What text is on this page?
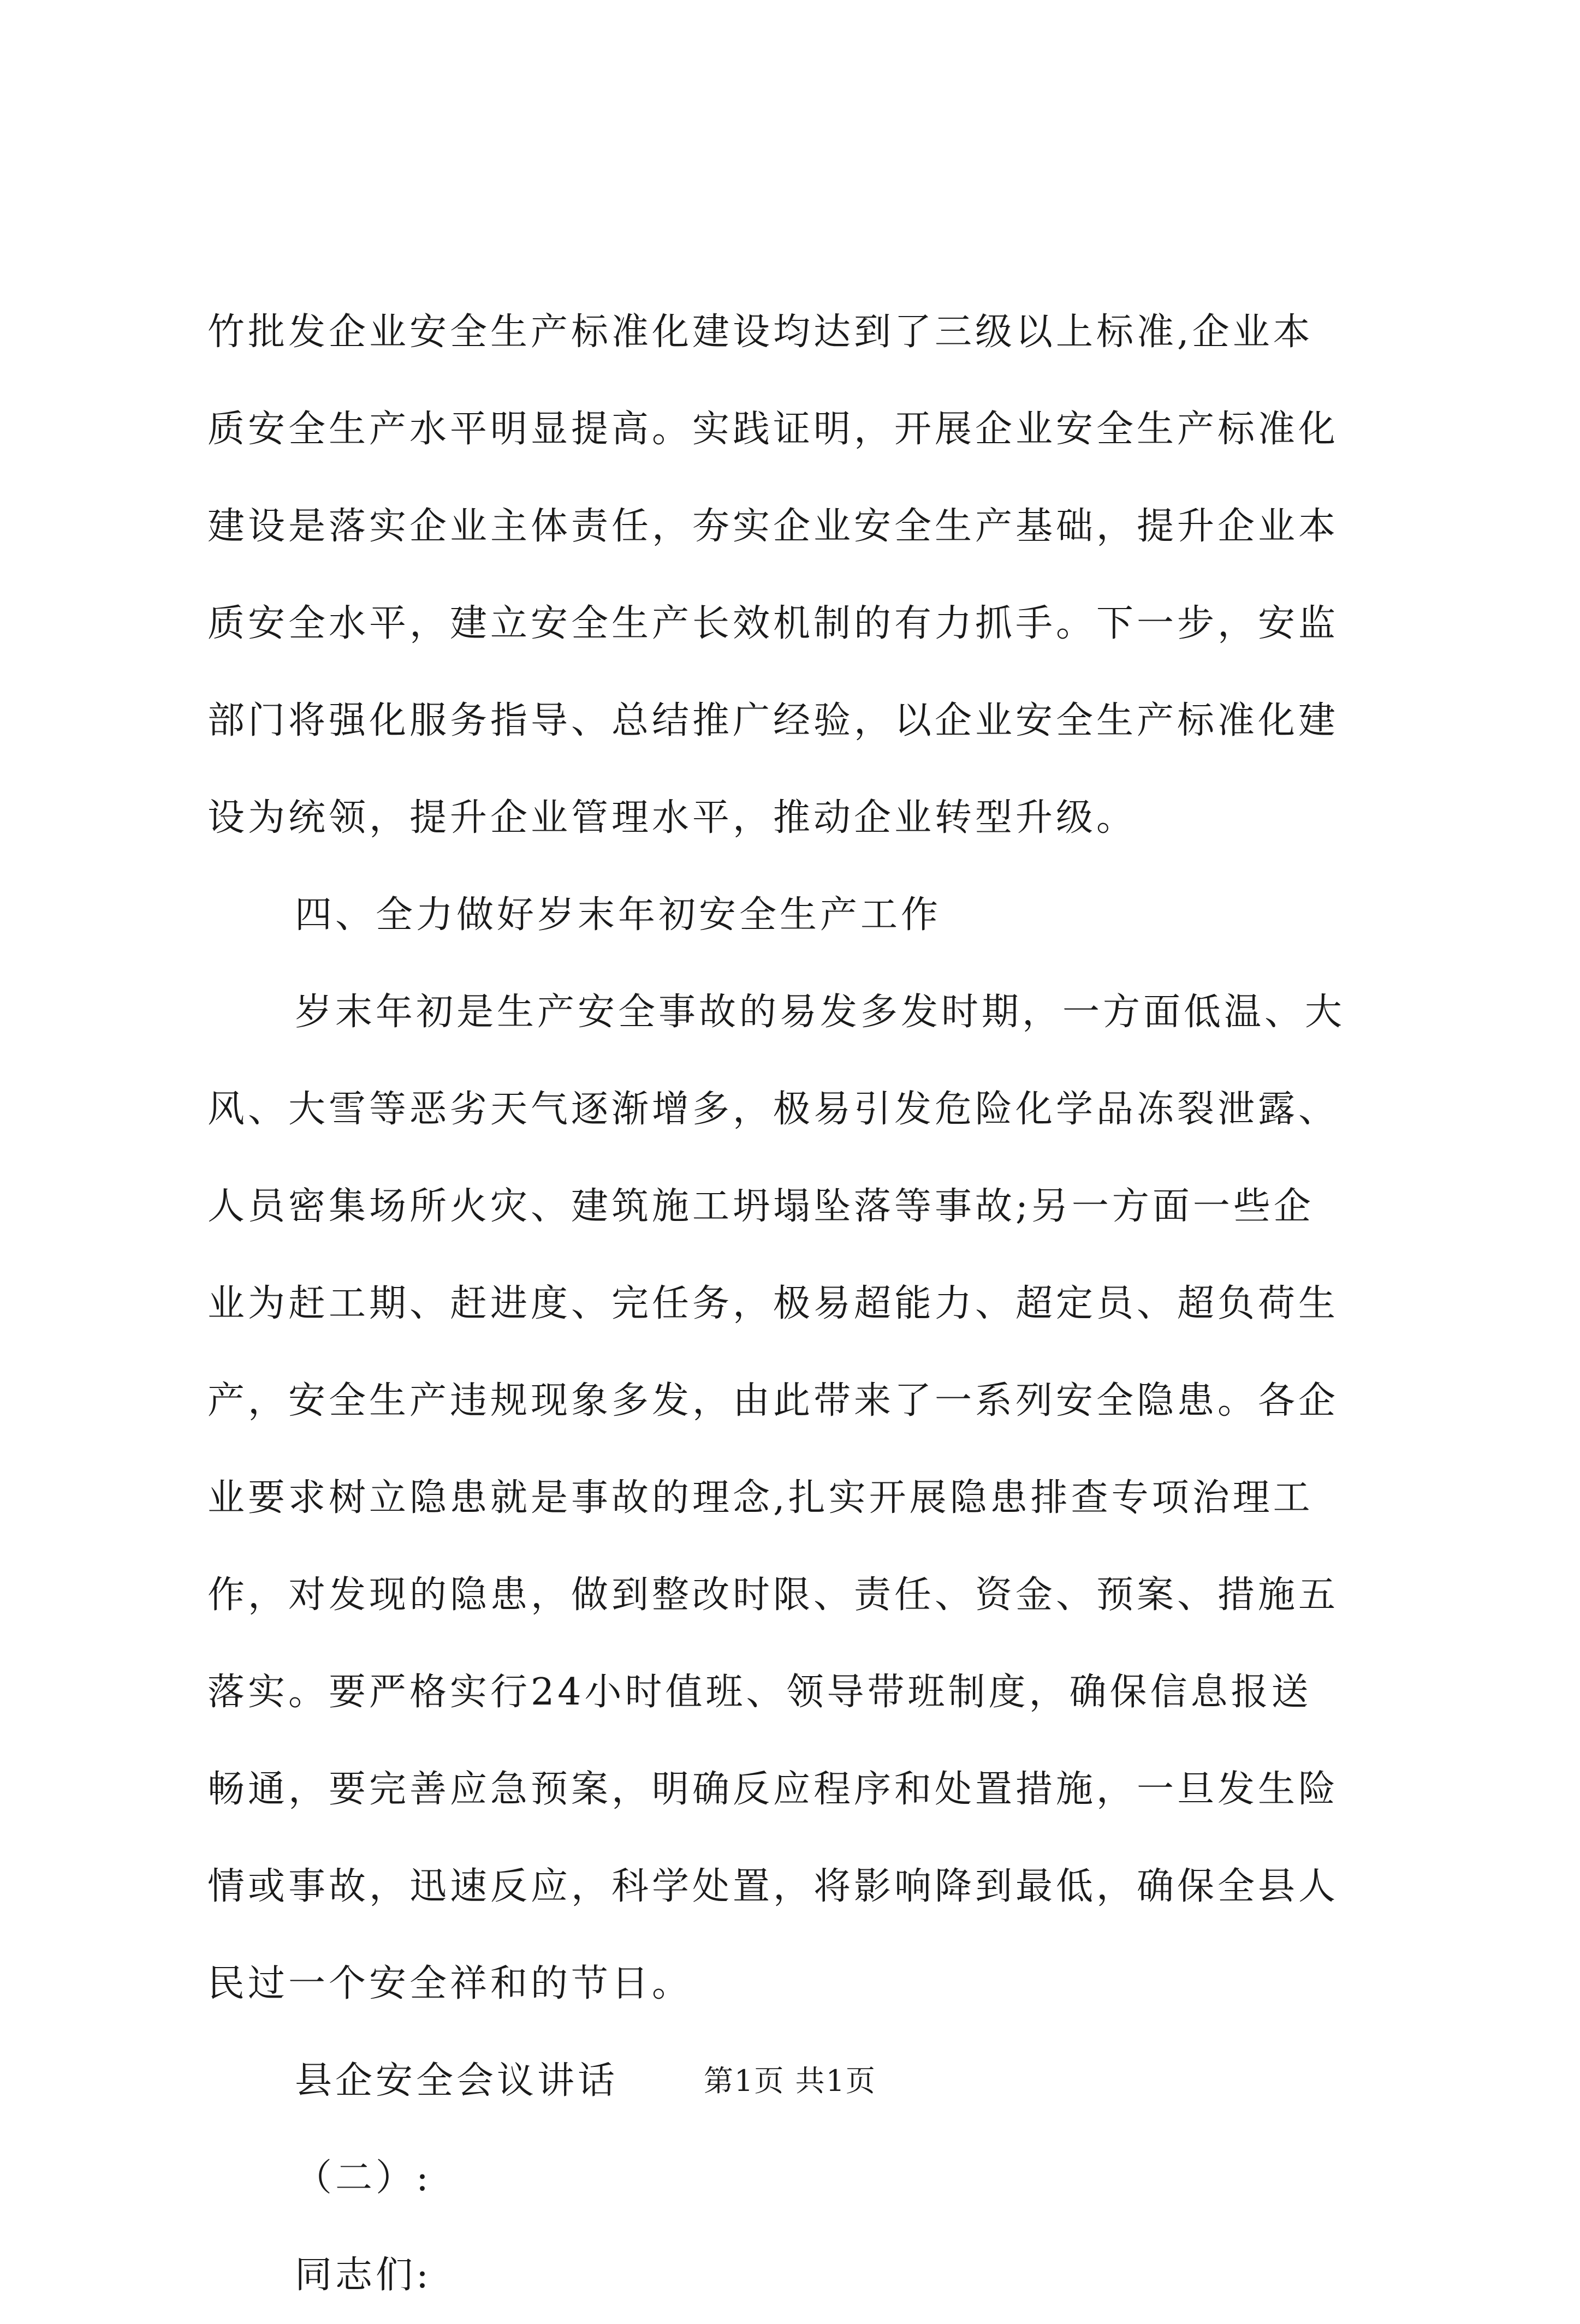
竹批发企业安全生产标准化建设均达到了三级以上标准,企业本
质安全生产水平明显提高。实践证明，开展企业安全生产标准化
建设是落实企业主体责任，夯实企业安全生产基础，提升企业本
质安全水平，建立安全生产长效机制的有力抓手。下一步，安监
部门将强化服务指导、总结推广经验，以企业安全生产标准化建
设为统领，提升企业管理水平，推动企业转型升级。
四、全力做好岁末年初安全生产工作
岁末年初是生产安全事故的易发多发时期，一方面低温、大
风、大雪等恶劣天气逐渐增多，极易引发危险化学品冻裂泄露、
人员密集场所火灾、建筑施工坍塌坠落等事故;另一方面一些企
业为赶工期、赶进度、完任务，极易超能力、超定员、超负荷生
产，安全生产违规现象多发，由此带来了一系列安全隐患。各企
业要求树立隐患就是事故的理念,扎实开展隐患排查专项治理工
作，对发现的隐患，做到整改时限、责任、资金、预案、措施五
落实。要严格实行24小时值班、领导带班制度，确保信息报送
畅通，要完善应急预案，明确反应程序和处置措施，一旦发生险
情或事故，迅速反应，科学处置，将影响降到最低，确保全县人
民过一个安全祥和的节日。
县企安全会议讲话
（二）:
同志们:
第1页 共1页
